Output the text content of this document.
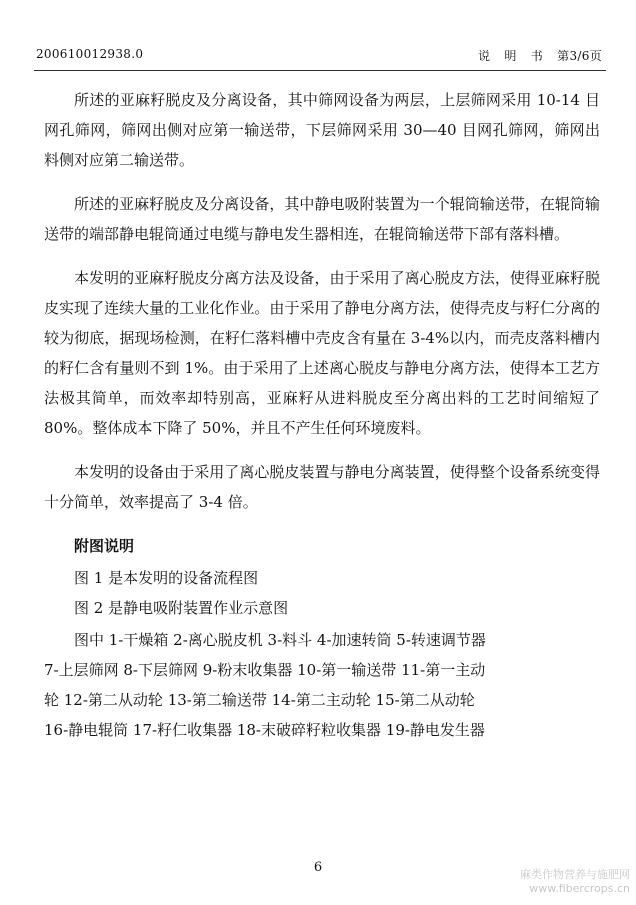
200610012938.0	说 明 书 第3/6页

所述的亚麻籽脱皮及分离设备，其中筛网设备为两层，上层筛网采用 10-14 目网孔筛网，筛网出侧对应第一输送带，下层筛网采用 30—40 目网孔筛网，筛网出料侧对应第二输送带。

所述的亚麻籽脱皮及分离设备，其中静电吸附装置为一个辊筒输送带，在辊筒输送带的端部静电辊筒通过电缆与静电发生器相连，在辊筒输送带下部有落料槽。

本发明的亚麻籽脱皮分离方法及设备，由于采用了离心脱皮方法，使得亚麻籽脱皮实现了连续大量的工业化作业。由于采用了静电分离方法，使得壳皮与籽仁分离的较为彻底，据现场检测，在籽仁落料槽中壳皮含有量在 3-4%以内，而壳皮落料槽内的籽仁含有量则不到 1%。由于采用了上述离心脱皮与静电分离方法，使得本工艺方法极其简单，而效率却特别高，亚麻籽从进料脱皮至分离出料的工艺时间缩短了 80%。整体成本下降了 50%，并且不产生任何环境废料。

本发明的设备由于采用了离心脱皮装置与静电分离装置，使得整个设备系统变得十分简单，效率提高了 3-4 倍。

附图说明

图 1 是本发明的设备流程图

图 2 是静电吸附装置作业示意图

图中 1-干燥箱 2-离心脱皮机 3-料斗 4-加速转筒 5-转速调节器

7-上层筛网 8-下层筛网 9-粉末收集器 10-第一输送带 11-第一主动

轮 12-第二从动轮 13-第二输送带 14-第二主动轮 15-第二从动轮

16-静电辊筒 17-籽仁收集器 18-末破碎籽粒收集器 19-静电发生器

6	麻类作物营养与施肥网
www.fibercrops.cn
